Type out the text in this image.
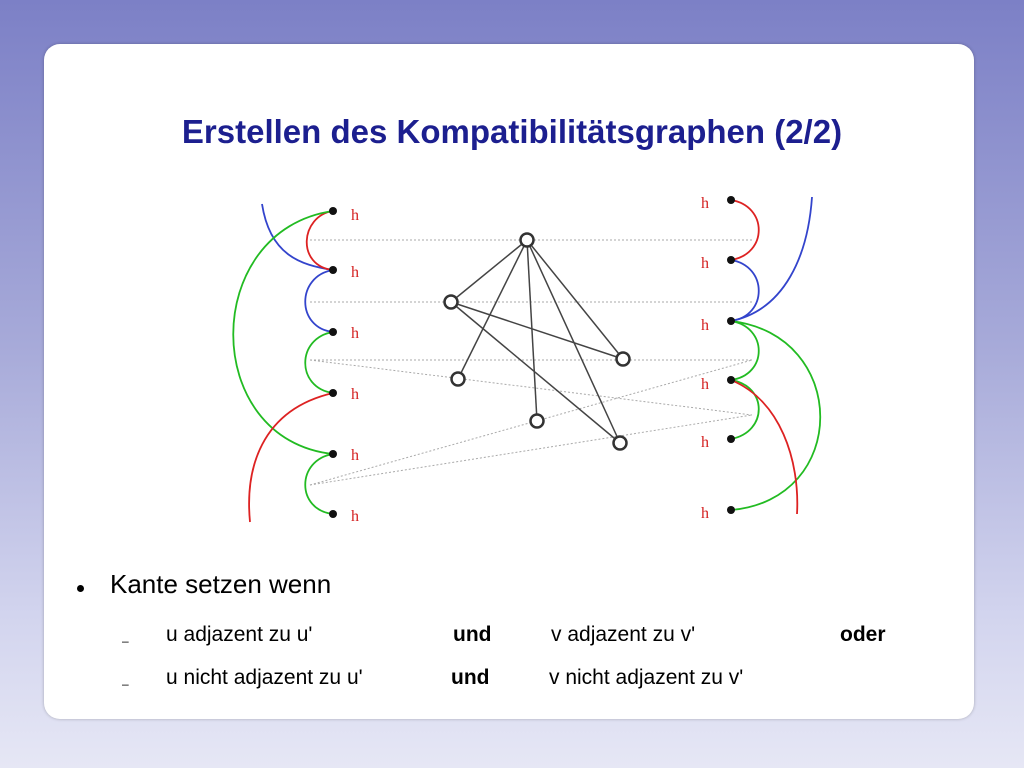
Erstellen des Kompatibilitätsgraphen (2/2)
h
h
h
h
h
h
h
h
h
h
h
h
Kante setzen wenn
– u adjazent zu u'	und	v adjazent zu v'	oder
– u nicht adjazent zu u'	und	v nicht adjazent zu v'
